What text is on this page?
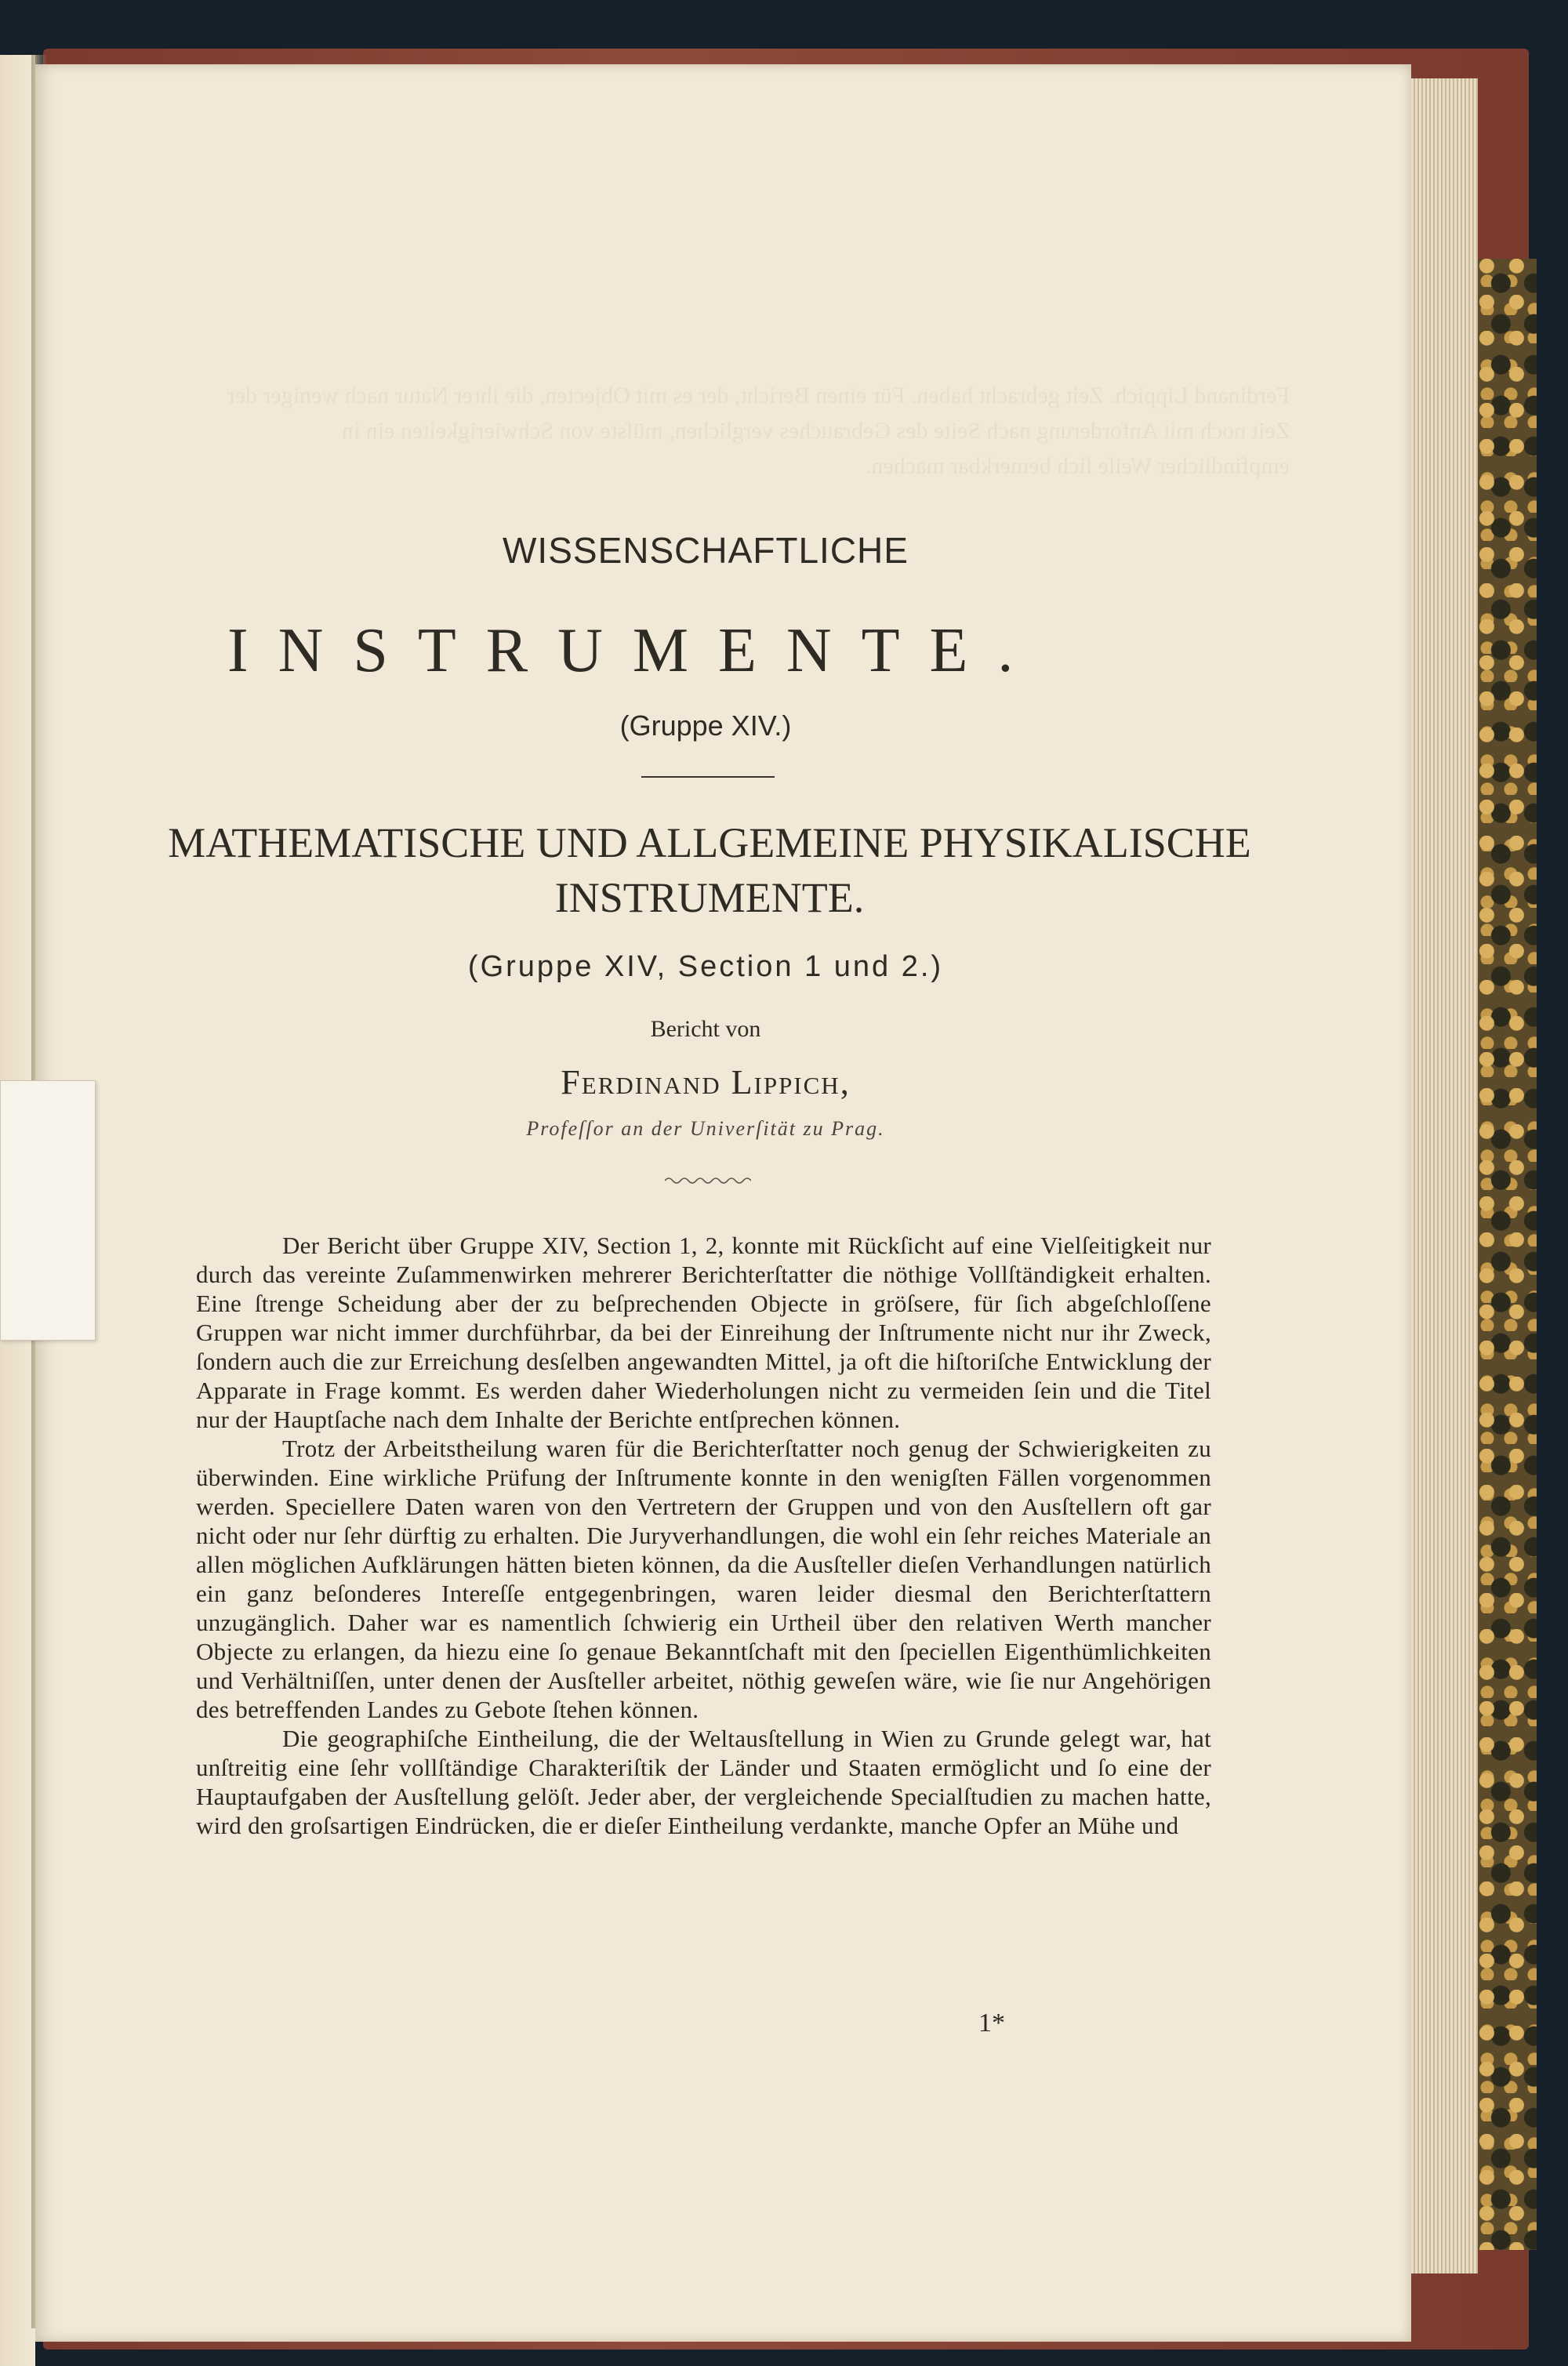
Ferdinand Lippich. Zeit gebracht haben. Für einen Bericht, der es mit Objecten, die ihrer Natur nach weniger der Zeit noch mit Anforderung nach Seite des Gebrauches verglichen, müſste von Schwierigkeiten ein in empfindlicher Weiſe ſich bemerkbar machen.
WISSENSCHAFTLICHE
INSTRUMENTE.
(Gruppe XIV.)
MATHEMATISCHE UND ALLGEMEINE PHYSIKALISCHE INSTRUMENTE.
(Gruppe XIV, Section 1 und 2.)
Bericht von
Ferdinand Lippich,
Profeſſor an der Univerſität zu Prag.

Der Bericht über Gruppe XIV, Section 1, 2, konnte mit Rückſicht auf eine Vielſeitigkeit nur durch das vereinte Zuſammenwirken mehrerer Berichterſtatter die nöthige Vollſtändigkeit erhalten. Eine ſtrenge Scheidung aber der zu beſprechenden Objecte in gröſsere, für ſich abgeſchloſſene Gruppen war nicht immer durchführbar, da bei der Einreihung der Inſtrumente nicht nur ihr Zweck, ſondern auch die zur Erreichung desſelben angewandten Mittel, ja oft die hiſtoriſche Entwicklung der Apparate in Frage kommt. Es werden daher Wiederholungen nicht zu vermeiden ſein und die Titel nur der Hauptſache nach dem Inhalte der Berichte entſprechen können.

Trotz der Arbeitstheilung waren für die Berichterſtatter noch genug der Schwierigkeiten zu überwinden. Eine wirkliche Prüfung der Inſtrumente konnte in den wenigſten Fällen vorgenommen werden. Speciellere Daten waren von den Vertretern der Gruppen und von den Ausſtellern oft gar nicht oder nur ſehr dürftig zu erhalten. Die Juryverhandlungen, die wohl ein ſehr reiches Materiale an allen möglichen Aufklärungen hätten bieten können, da die Ausſteller dieſen Verhandlungen natürlich ein ganz beſonderes Intereſſe entgegenbringen, waren leider diesmal den Berichterſtattern unzugänglich. Daher war es namentlich ſchwierig ein Urtheil über den relativen Werth mancher Objecte zu erlangen, da hiezu eine ſo genaue Bekanntſchaft mit den ſpeciellen Eigenthümlichkeiten und Verhältniſſen, unter denen der Ausſteller arbeitet, nöthig geweſen wäre, wie ſie nur Angehörigen des betreffenden Landes zu Gebote ſtehen können.

Die geographiſche Eintheilung, die der Weltausſtellung in Wien zu Grunde gelegt war, hat unſtreitig eine ſehr vollſtändige Charakteriſtik der Länder und Staaten ermöglicht und ſo eine der Hauptaufgaben der Ausſtellung gelöſt. Jeder aber, der vergleichende Specialſtudien zu machen hatte, wird den groſsartigen Eindrücken, die er dieſer Eintheilung verdankte, manche Opfer an Mühe und

1*
